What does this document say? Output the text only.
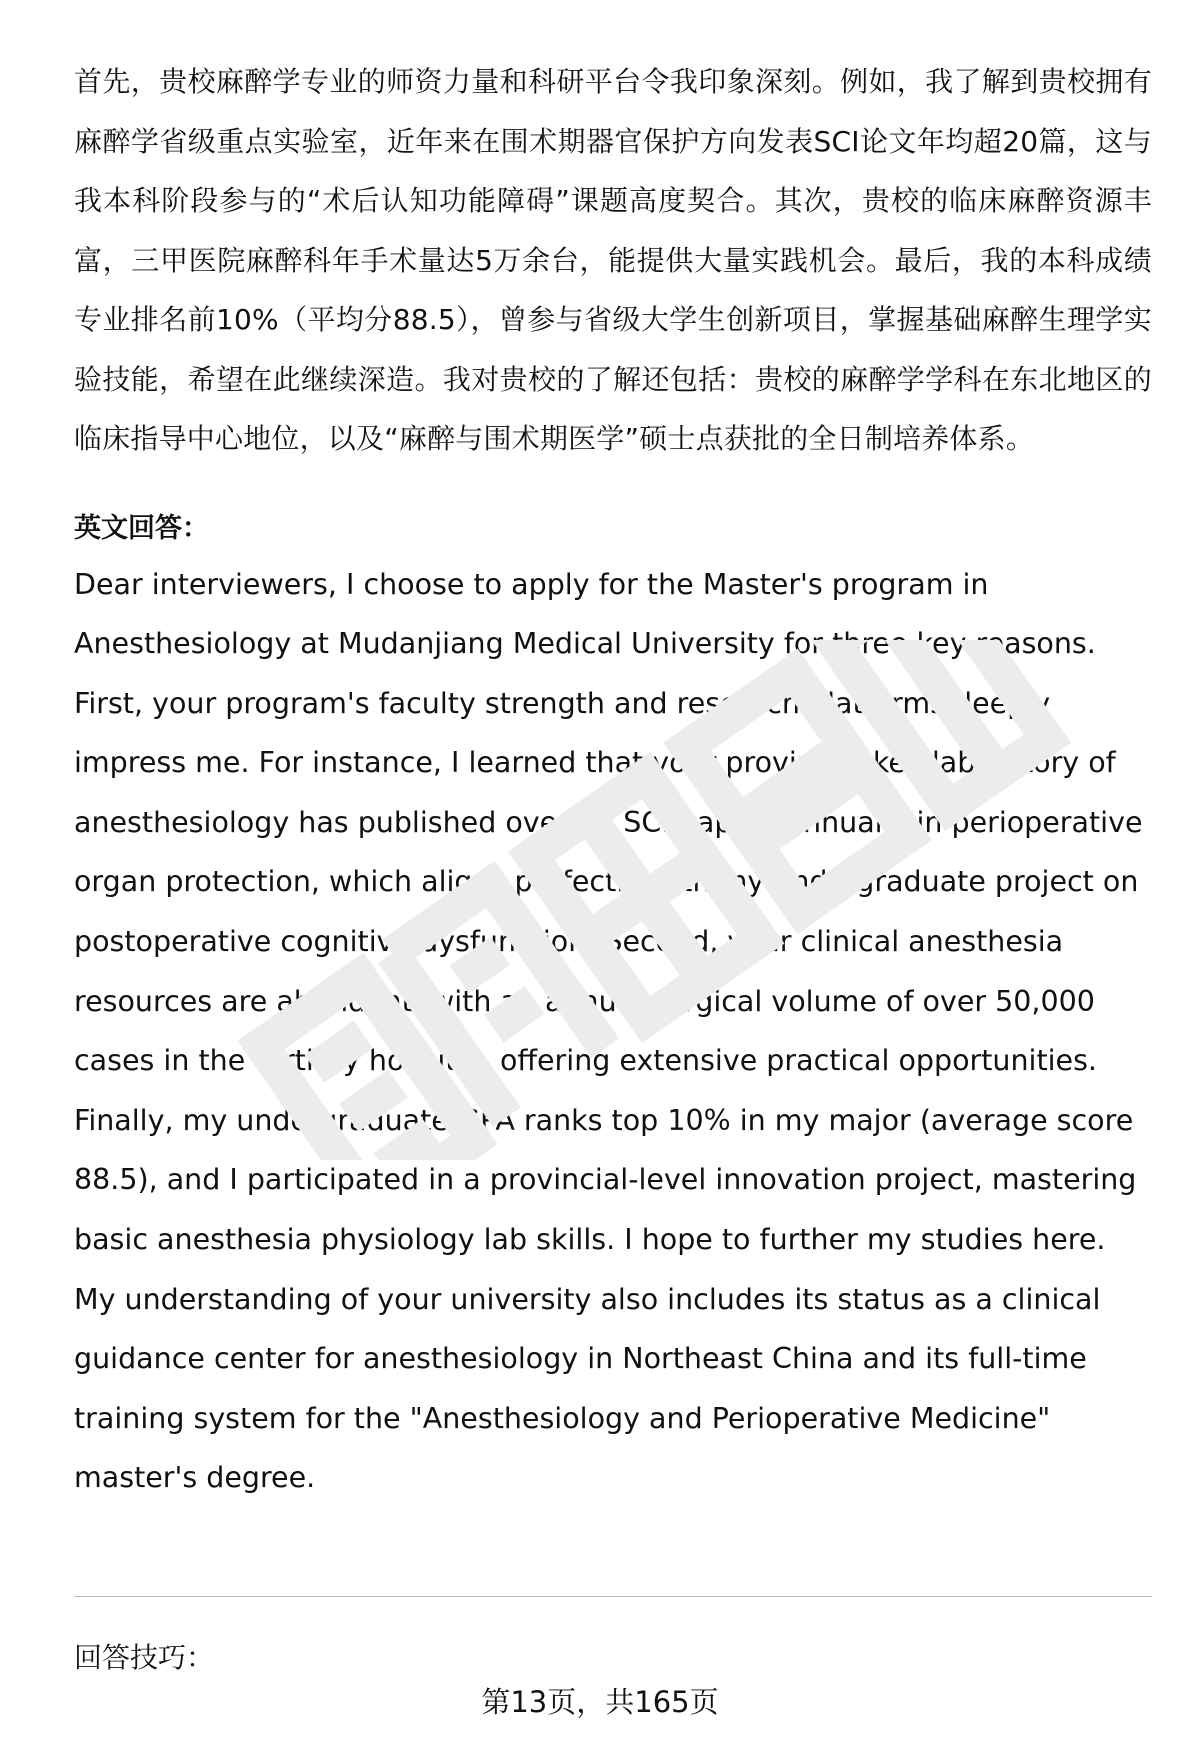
首先，贵校麻醉学专业的师资力量和科研平台令我印象深刻。例如，我了解到贵校拥有麻醉学省级重点实验室，近年来在围术期器官保护方向发表SCI论文年均超20篇，这与我本科阶段参与的“术后认知功能障碍”课题高度契合。其次，贵校的临床麻醉资源丰富，三甲医院麻醉科年手术量达5万余台，能提供大量实践机会。最后，我的本科成绩专业排名前10%（平均分88.5），曾参与省级大学生创新项目，掌握基础麻醉生理学实验技能，希望在此继续深造。我对贵校的了解还包括：贵校的麻醉学学科在东北地区的临床指导中心地位，以及“麻醉与围术期医学”硕士点获批的全日制培养体系。

英文回答：

Dear interviewers, I choose to apply for the Master's program in Anesthesiology at Mudanjiang Medical University for three key reasons. First, your program's faculty strength and research platforms deeply impress me. For instance, I learned that your provincial key laboratory of anesthesiology has published over 20 SCI papers annually in perioperative organ protection, which aligns perfectly with my undergraduate project on postoperative cognitive dysfunction. Second, your clinical anesthesia resources are abundant, with an annual surgical volume of over 50,000 cases in the tertiary hospital, offering extensive practical opportunities. Finally, my undergraduate GPA ranks top 10% in my major (average score 88.5), and I participated in a provincial-level innovation project, mastering basic anesthesia physiology lab skills. I hope to further my studies here. My understanding of your university also includes its status as a clinical guidance center for anesthesiology in Northeast China and its full-time training system for the "Anesthesiology and Perioperative Medicine" master's degree.

回答技巧：
第13页，共165页
